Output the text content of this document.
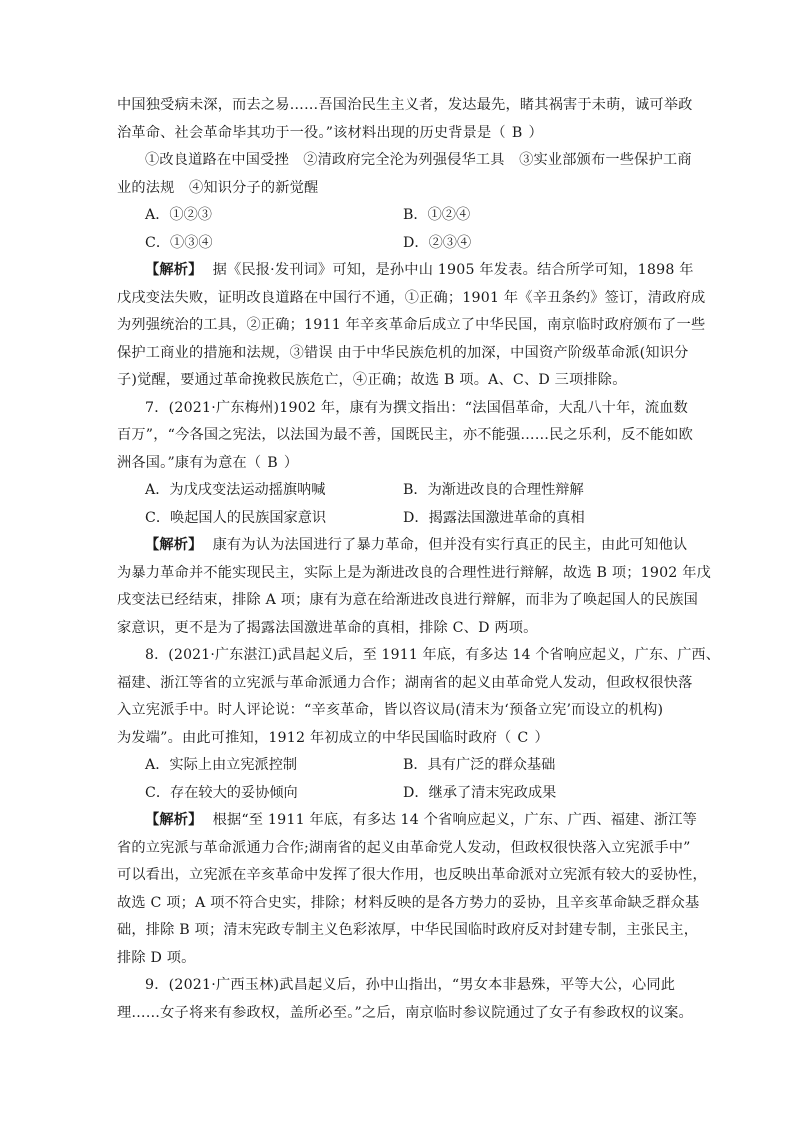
中国独受病未深，而去之易……吾国治民生主义者，发达最先，睹其祸害于未萌，诚可举政

治革命、社会革命毕其功于一役。”该材料出现的历史背景是（ B ）

①改良道路在中国受挫　②清政府完全沦为列强侵华工具　③实业部颁布一些保护工商

业的法规　④知识分子的新觉醒

A．①②③	B．①②④
C．①③④	D．②③④

【解析】 据《民报·发刊词》可知，是孙中山 1905 年发表。结合所学可知，1898 年

戊戌变法失败，证明改良道路在中国行不通，①正确；1901 年《辛丑条约》签订，清政府成

为列强统治的工具，②正确；1911 年辛亥革命后成立了中华民国，南京临时政府颁布了一些

保护工商业的措施和法规，③错误 由于中华民族危机的加深，中国资产阶级革命派(知识分

子)觉醒，要通过革命挽救民族危亡，④正确；故选 B 项。A、C、D 三项排除。

7．(2021·广东梅州)1902 年，康有为撰文指出：“法国倡革命，大乱八十年，流血数

百万”，“今各国之宪法，以法国为最不善，国既民主，亦不能强……民之乐利，反不能如欧

洲各国。”康有为意在（ B ）

A．为戊戌变法运动摇旗呐喊	B．为渐进改良的合理性辩解
C．唤起国人的民族国家意识	D．揭露法国激进革命的真相

【解析】 康有为认为法国进行了暴力革命，但并没有实行真正的民主，由此可知他认

为暴力革命并不能实现民主，实际上是为渐进改良的合理性进行辩解，故选 B 项；1902 年戊

戌变法已经结束，排除 A 项；康有为意在给渐进改良进行辩解，而非为了唤起国人的民族国

家意识，更不是为了揭露法国激进革命的真相，排除 C、D 两项。

8．(2021·广东湛江)武昌起义后，至 1911 年底，有多达 14 个省响应起义，广东、广西、

福建、浙江等省的立宪派与革命派通力合作；湖南省的起义由革命党人发动，但政权很快落

入立宪派手中。时人评论说：“辛亥革命，皆以咨议局(清末为‘预备立宪’而设立的机构)

为发端”。由此可推知，1912 年初成立的中华民国临时政府（ C ）

A．实际上由立宪派控制	B．具有广泛的群众基础
C．存在较大的妥协倾向	D．继承了清末宪政成果

【解析】 根据“至 1911 年底，有多达 14 个省响应起义，广东、广西、福建、浙江等

省的立宪派与革命派通力合作;湖南省的起义由革命党人发动，但政权很快落入立宪派手中”

可以看出，立宪派在辛亥革命中发挥了很大作用，也反映出革命派对立宪派有较大的妥协性，

故选 C 项；A 项不符合史实，排除；材料反映的是各方势力的妥协，且辛亥革命缺乏群众基

础，排除 B 项；清末宪政专制主义色彩浓厚，中华民国临时政府反对封建专制，主张民主，

排除 D 项。

9．(2021·广西玉林)武昌起义后，孙中山指出，“男女本非悬殊，平等大公，心同此

理……女子将来有参政权，盖所必至。”之后，南京临时参议院通过了女子有参政权的议案。
